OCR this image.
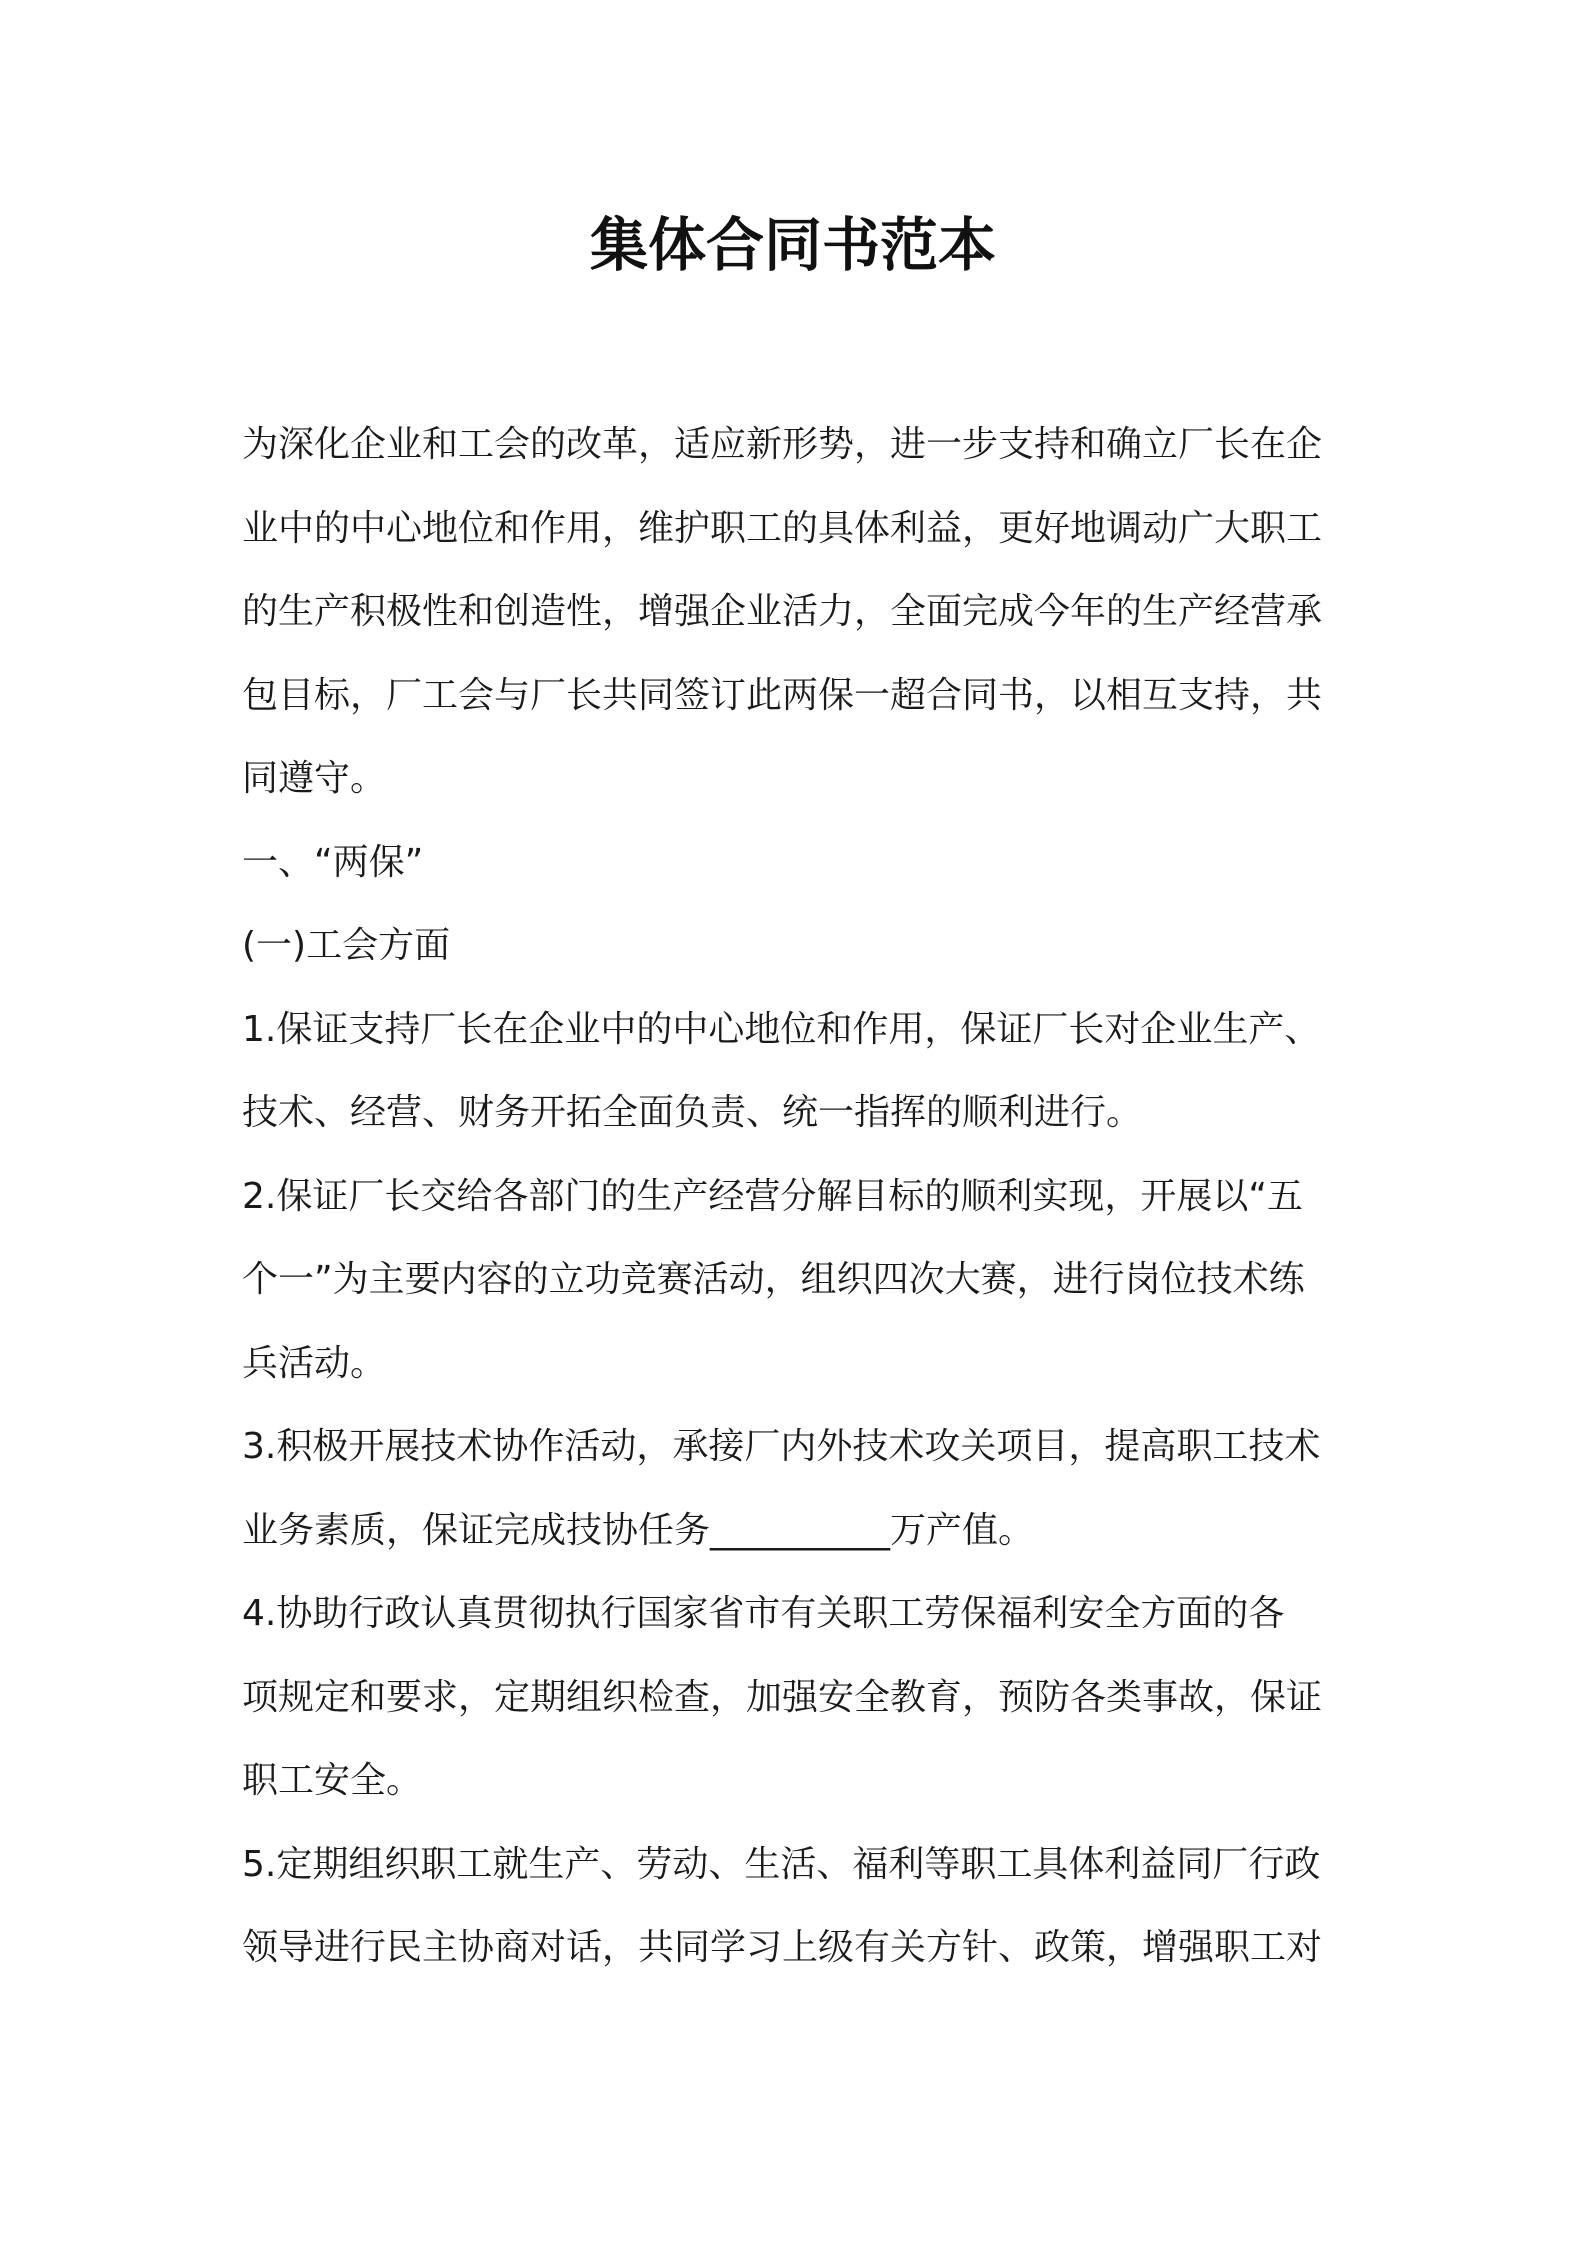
集体合同书范本
为深化企业和工会的改革，适应新形势，进一步支持和确立厂长在企
业中的中心地位和作用，维护职工的具体利益，更好地调动广大职工
的生产积极性和创造性，增强企业活力，全面完成今年的生产经营承
包目标，厂工会与厂长共同签订此两保一超合同书，以相互支持，共
同遵守。
一、“两保”
(一)工会方面
1.保证支持厂长在企业中的中心地位和作用，保证厂长对企业生产、
技术、经营、财务开拓全面负责、统一指挥的顺利进行。
2.保证厂长交给各部门的生产经营分解目标的顺利实现，开展以“五
个一”为主要内容的立功竞赛活动，组织四次大赛，进行岗位技术练
兵活动。
3.积极开展技术协作活动，承接厂内外技术攻关项目，提高职工技术
业务素质，保证完成技协任务__________万产值。
4.协助行政认真贯彻执行国家省市有关职工劳保福利安全方面的各
项规定和要求，定期组织检查，加强安全教育，预防各类事故，保证
职工安全。
5.定期组织职工就生产、劳动、生活、福利等职工具体利益同厂行政
领导进行民主协商对话，共同学习上级有关方针、政策，增强职工对
